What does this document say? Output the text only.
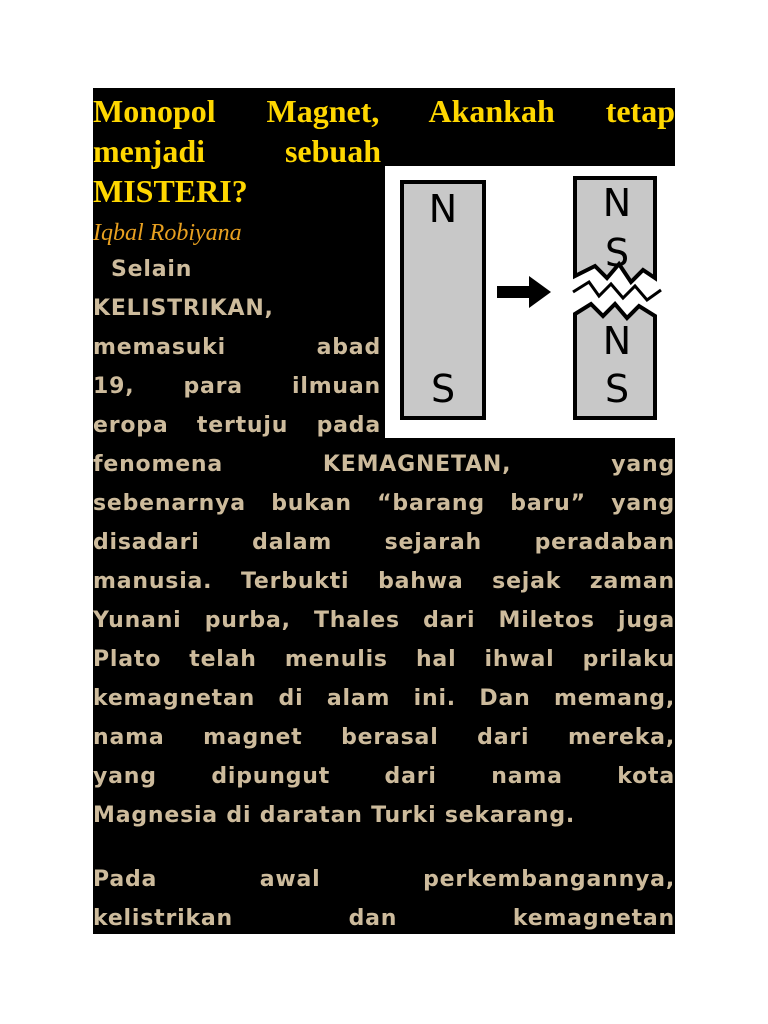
Monopol Magnet, Akankah tetap

menjadi sebuah

MISTERI?

Iqbal Robiyana

Selain

KELISTRIKAN,

memasuki abad

19, para ilmuan

eropa tertuju pada

fenomena KEMAGNETAN, yang

sebenarnya bukan “barang baru” yang

disadari dalam sejarah peradaban

manusia. Terbukti bahwa sejak zaman

Yunani purba, Thales dari Miletos juga

Plato telah menulis hal ihwal prilaku

kemagnetan di alam ini. Dan memang,

nama magnet berasal dari mereka,

yang dipungut dari nama kota

Magnesia di daratan Turki sekarang.

Pada awal perkembangannya,

kelistrikan dan kemagnetan

N
S
N
S
N
S
